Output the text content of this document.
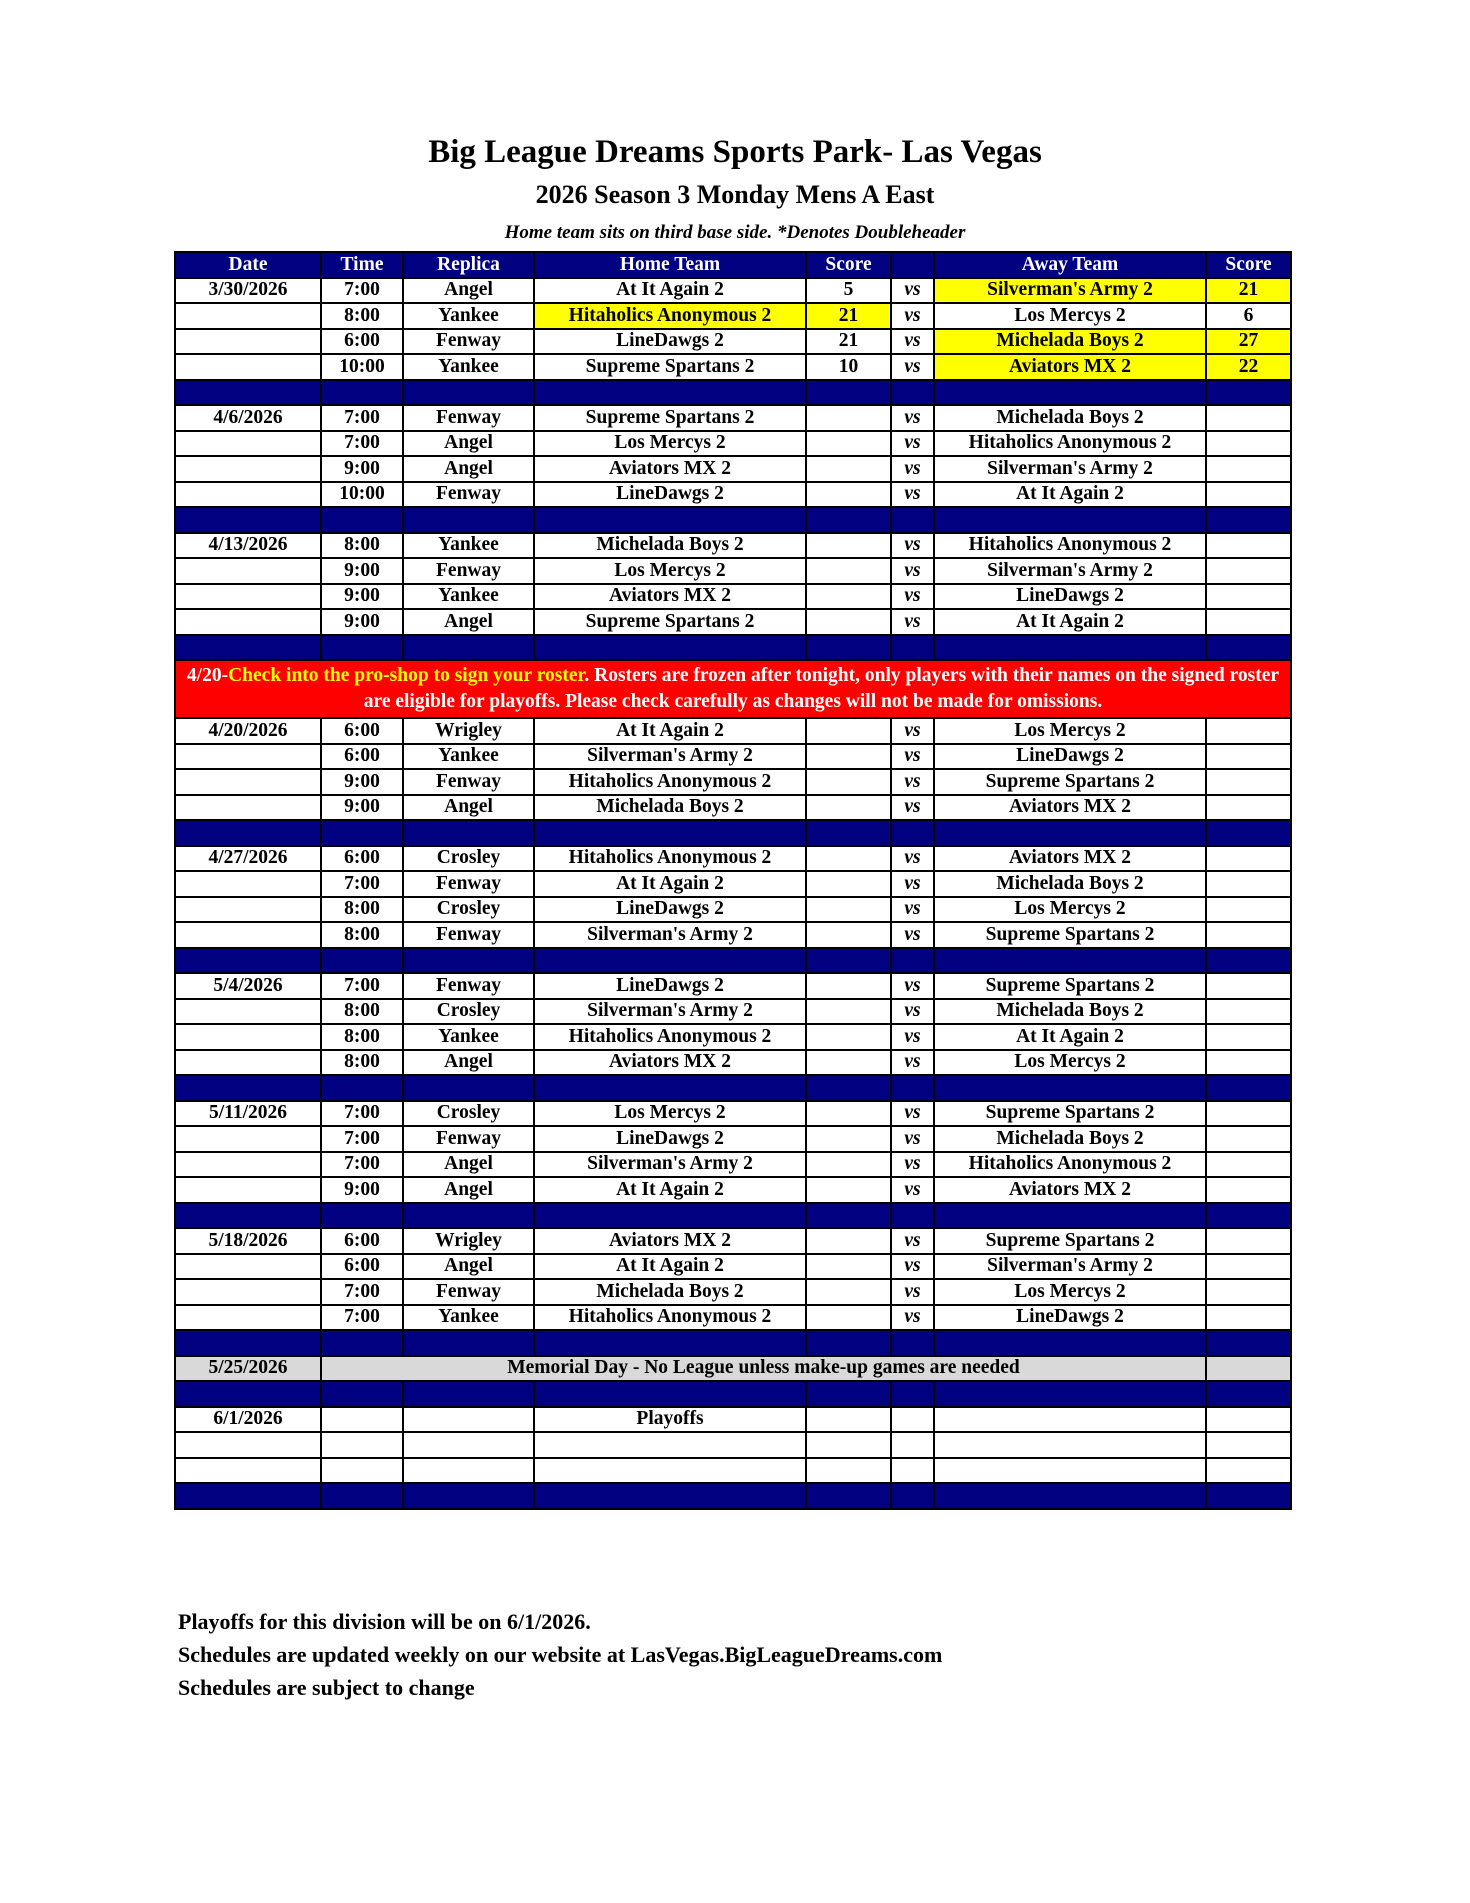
Big League Dreams Sports Park- Las Vegas
2026 Season 3 Monday Mens A East
Home team sits on third base side. *Denotes Doubleheader
Date	Time	Replica	Home Team	Score		Away Team	Score
3/30/2026	7:00	Angel	At It Again 2	5	vs	Silverman's Army 2	21
	8:00	Yankee	Hitaholics Anonymous 2	21	vs	Los Mercys 2	6
	6:00	Fenway	LineDawgs 2	21	vs	Michelada Boys 2	27
	10:00	Yankee	Supreme Spartans 2	10	vs	Aviators MX 2	22

4/6/2026	7:00	Fenway	Supreme Spartans 2		vs	Michelada Boys 2	
	7:00	Angel	Los Mercys 2		vs	Hitaholics Anonymous 2	
	9:00	Angel	Aviators MX 2		vs	Silverman's Army 2	
	10:00	Fenway	LineDawgs 2		vs	At It Again 2	

4/13/2026	8:00	Yankee	Michelada Boys 2		vs	Hitaholics Anonymous 2	
	9:00	Fenway	Los Mercys 2		vs	Silverman's Army 2	
	9:00	Yankee	Aviators MX 2		vs	LineDawgs 2	
	9:00	Angel	Supreme Spartans 2		vs	At It Again 2	

4/20-Check into the pro-shop to sign your roster. Rosters are frozen after tonight, only players with their names on the signed roster are eligible for playoffs. Please check carefully as changes will not be made for omissions.							
4/20/2026	6:00	Wrigley	At It Again 2		vs	Los Mercys 2	
	6:00	Yankee	Silverman's Army 2		vs	LineDawgs 2	
	9:00	Fenway	Hitaholics Anonymous 2		vs	Supreme Spartans 2	
	9:00	Angel	Michelada Boys 2		vs	Aviators MX 2	

4/27/2026	6:00	Crosley	Hitaholics Anonymous 2		vs	Aviators MX 2	
	7:00	Fenway	At It Again 2		vs	Michelada Boys 2	
	8:00	Crosley	LineDawgs 2		vs	Los Mercys 2	
	8:00	Fenway	Silverman's Army 2		vs	Supreme Spartans 2	

5/4/2026	7:00	Fenway	LineDawgs 2		vs	Supreme Spartans 2	
	8:00	Crosley	Silverman's Army 2		vs	Michelada Boys 2	
	8:00	Yankee	Hitaholics Anonymous 2		vs	At It Again 2	
	8:00	Angel	Aviators MX 2		vs	Los Mercys 2	

5/11/2026	7:00	Crosley	Los Mercys 2		vs	Supreme Spartans 2	
	7:00	Fenway	LineDawgs 2		vs	Michelada Boys 2	
	7:00	Angel	Silverman's Army 2		vs	Hitaholics Anonymous 2	
	9:00	Angel	At It Again 2		vs	Aviators MX 2	

5/18/2026	6:00	Wrigley	Aviators MX 2		vs	Supreme Spartans 2	
	6:00	Angel	At It Again 2		vs	Silverman's Army 2	
	7:00	Fenway	Michelada Boys 2		vs	Los Mercys 2	
	7:00	Yankee	Hitaholics Anonymous 2		vs	LineDawgs 2	

5/25/2026	Memorial Day - No League unless make-up games are needed						

6/1/2026			Playoffs				

Playoffs for this division will be on 6/1/2026.
Schedules are updated weekly on our website at LasVegas.BigLeagueDreams.com
Schedules are subject to change
